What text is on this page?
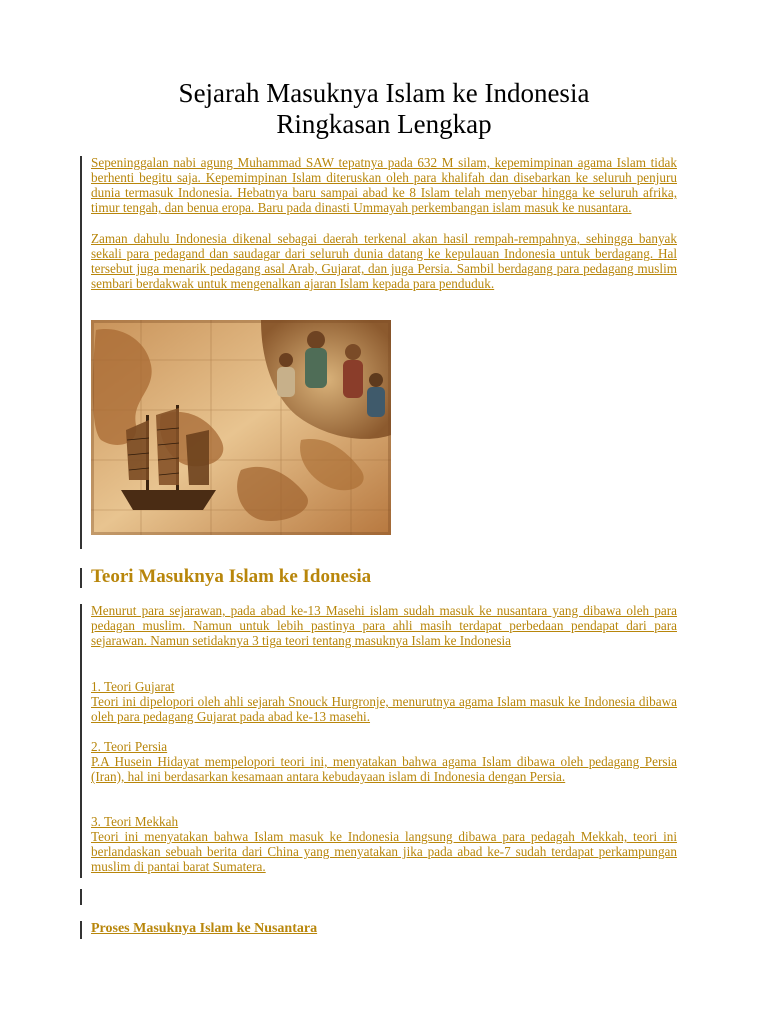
Sejarah Masuknya Islam ke Indonesia
Ringkasan Lengkap

Sepeninggalan nabi agung Muhammad SAW tepatnya pada 632 M silam, kepemimpinan agama Islam tidak berhenti begitu saja. Kepemimpinan Islam diteruskan oleh para khalifah dan disebarkan ke seluruh penjuru dunia termasuk Indonesia. Hebatnya baru sampai abad ke 8 Islam telah menyebar hingga ke seluruh afrika, timur tengah, dan benua eropa. Baru pada dinasti Ummayah perkembangan islam masuk ke nusantara.

Zaman dahulu Indonesia dikenal sebagai daerah terkenal akan hasil rempah-rempahnya, sehingga banyak sekali para pedagand dan saudagar dari seluruh dunia datang ke kepulauan Indonesia untuk berdagang. Hal tersebut juga menarik pedagang asal Arab, Gujarat, dan juga Persia. Sambil berdagang para pedagang muslim sembari berdakwak untuk mengenalkan ajaran Islam kepada para penduduk.

Teori Masuknya Islam ke Idonesia

Menurut para sejarawan, pada abad ke-13 Masehi islam sudah masuk ke nusantara yang dibawa oleh para pedagan muslim. Namun untuk lebih pastinya para ahli masih terdapat perbedaan pendapat dari para sejarawan. Namun setidaknya 3 tiga teori tentang masuknya Islam ke Indonesia

1. Teori Gujarat
Teori ini dipelopori oleh ahli sejarah Snouck Hurgronje, menurutnya agama Islam masuk ke Indonesia dibawa oleh para pedagang Gujarat pada abad ke-13 masehi.
2. Teori Persia
P.A Husein Hidayat mempelopori teori ini, menyatakan bahwa agama Islam dibawa oleh pedagang Persia (Iran), hal ini berdasarkan kesamaan antara kebudayaan islam di Indonesia dengan Persia.
3. Teori Mekkah
Teori ini menyatakan bahwa Islam masuk ke Indonesia langsung dibawa para pedagah Mekkah, teori ini berlandaskan sebuah berita dari China yang menyatakan jika pada abad ke-7 sudah terdapat perkampungan muslim di pantai barat Sumatera.
Proses Masuknya Islam ke Nusantara
